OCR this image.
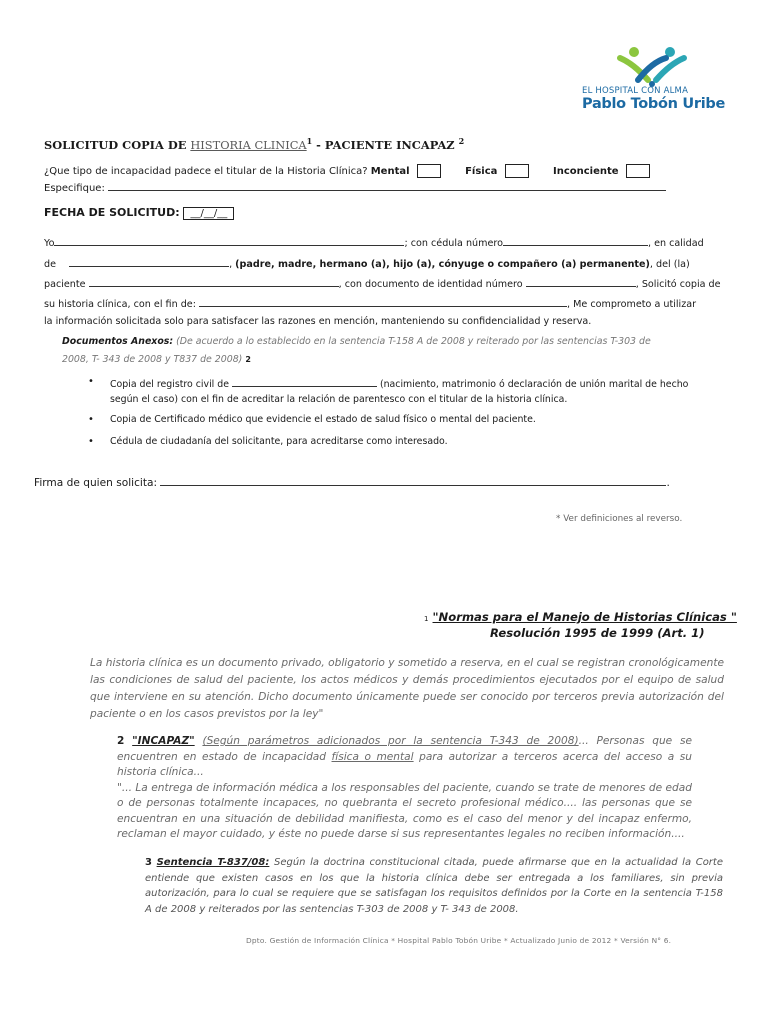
EL HOSPITAL CON ALMA
Pablo Tobón Uribe
SOLICITUD COPIA DE HISTORIA CLINICA$^1$ - PACIENTE INCAPAZ $^2$
¿Que tipo de incapacidad padece el titular de la Historia Clínica? Mental	Física	Inconciente
Especifique:
FECHA DE SOLICITUD: __/__/__
Yo	; con cédula número	, en calidad
de	, (padre, madre, hermano (a), hijo (a), cónyuge o compañero (a) permanente), del (la)
paciente	, con documento de identidad número	, Solicitó copia de
su historia clínica, con el fin de:	, Me comprometo a utilizar
la información solicitada solo para satisfacer las razones en mención, manteniendo su confidencialidad y reserva.
Documentos Anexos: (De acuerdo a lo establecido en la sentencia T-158 A de 2008 y reiterado por las sentencias T-303 de
2008, T- 343 de 2008 y T837 de 2008) 2
• Copia del registro civil de	(nacimiento, matrimonio ó declaración de unión marital de hecho
según el caso) con el fin de acreditar la relación de parentesco con el titular de la historia clínica.
• Copia de Certificado médico que evidencie el estado de salud físico o mental del paciente.
• Cédula de ciudadanía del solicitante, para acreditarse como interesado.
Firma de quien solicita:	.
* Ver definiciones al reverso.
1 "Normas para el Manejo de Historias Clínicas "
Resolución 1995 de 1999 (Art. 1)
La historia clínica es un documento privado, obligatorio y sometido a reserva, en el cual se registran cronológicamente las condiciones de salud del paciente, los actos médicos y demás procedimientos ejecutados por el equipo de salud que interviene en su atención. Dicho documento únicamente puede ser conocido por terceros previa autorización del paciente o en los casos previstos por la ley"
2 "INCAPAZ" (Según parámetros adicionados por la sentencia T-343 de 2008)... Personas que se encuentren en estado de incapacidad física o mental para autorizar a terceros acerca del acceso a su historia clínica...
"... La entrega de información médica a los responsables del paciente, cuando se trate de menores de edad o de personas totalmente incapaces, no quebranta el secreto profesional médico.... las personas que se encuentran en una situación de debilidad manifiesta, como es el caso del menor y del incapaz enfermo, reclaman el mayor cuidado, y éste no puede darse si sus representantes legales no reciben información....
3 Sentencia T-837/08: Según la doctrina constitucional citada, puede afirmarse que en la actualidad la Corte entiende que existen casos en los que la historia clínica debe ser entregada a los familiares, sin previa autorización, para lo cual se requiere que se satisfagan los requisitos definidos por la Corte en la sentencia T-158 A de 2008 y reiterados por las sentencias T-303 de 2008 y T- 343 de 2008.
Dpto. Gestión de Información Clínica * Hospital Pablo Tobón Uribe * Actualizado Junio de 2012 * Versión N° 6.
